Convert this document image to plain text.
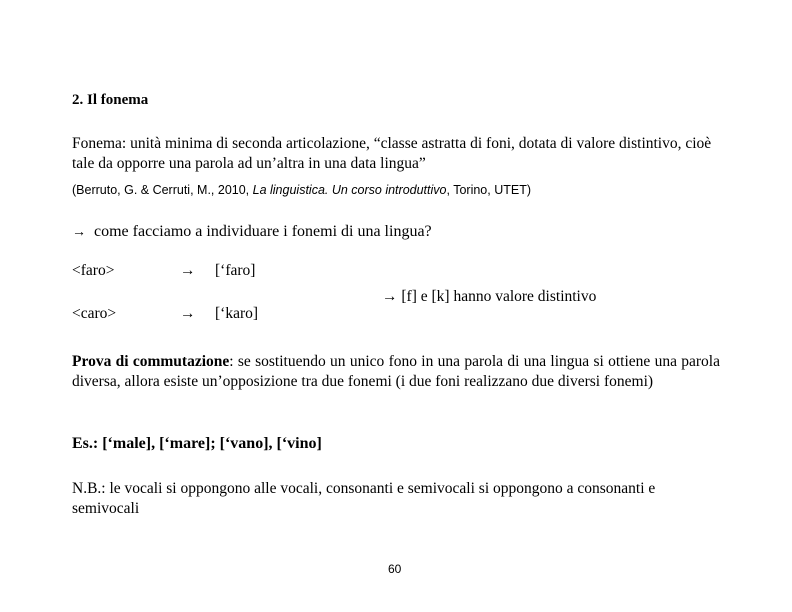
2. Il fonema
Fonema: unità minima di seconda articolazione, “classe astratta di foni, dotata di valore distintivo, cioè tale da opporre una parola ad un’altra in una data lingua”
(Berruto, G. & Cerruti, M., 2010, La linguistica. Un corso introduttivo, Torino, UTET)
→ come facciamo a individuare i fonemi di una lingua?
<faro>	→ [‘faro]
<caro>	→ [‘karo]
→ [f] e [k] hanno valore distintivo
Prova di commutazione: se sostituendo un unico fono in una parola di una lingua si ottiene una parola diversa, allora esiste un’opposizione tra due fonemi (i due foni realizzano due diversi fonemi)
Es.: [‘male], [‘mare]; [‘vano], [‘vino]
N.B.: le vocali si oppongono alle vocali, consonanti e semivocali si oppongono a consonanti e semivocali
60
